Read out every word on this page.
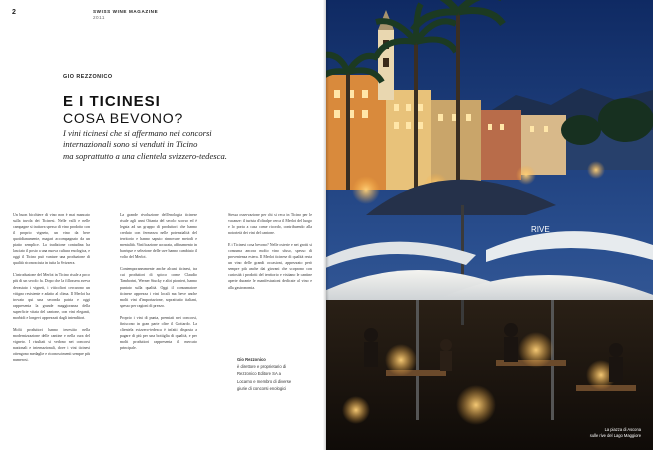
2	SWISS WINE MAGAZINE
2011
GIO REZZONICO
E I TICINESI
COSA BEVONO?
I vini ticinesi che si affermano nei concorsi
internazionali sono si venduti in Ticino
ma soprattutto a una clientela svizzero-tedesca.

Un buon bicchiere di vino non è mai mancato sulla tavola dei Ticinesi. Nelle valli e nelle campagne si trattava spesso di vino prodotto con il proprio vigneto, un vino da bere quotidianamente, magari accompagnato da un piatto semplice. La tradizione contadina ha lasciato il posto a una nuova cultura enologica, e oggi il Ticino può vantare una produzione di qualità riconosciuta in tutta la Svizzera.

L'introduzione del Merlot in Ticino risale a poco più di un secolo fa. Dopo che la fillossera aveva devastato i vigneti, i viticoltori cercarono un vitigno resistente e adatto al clima. Il Merlot ha trovato qui una seconda patria e oggi rappresenta la grande maggioranza della superficie vitata del cantone, con vini eleganti, morbidi e longevi apprezzati dagli intenditori.

Molti produttori hanno investito nella modernizzazione delle cantine e nella cura del vigneto. I risultati si vedono nei concorsi nazionali e internazionali, dove i vini ticinesi ottengono medaglie e riconoscimenti sempre più numerosi.

La grande rivoluzione dell'enologia ticinese risale agli anni Ottanta del secolo scorso ed è legata ad un gruppo di produttori che hanno creduto con fermezza nelle potenzialità del territorio e hanno saputo rinnovare metodi e mentalità. Vinificazione accurata, affinamento in barrique e selezione delle uve hanno cambiato il volto del Merlot.

Contemporaneamente anche alcuni ticinesi, tra cui produttori di spicco come Claudio Tamborini, Werner Stucky e altri pionieri, hanno puntato sulla qualità. Oggi il consumatore ticinese apprezza i vini locali ma beve anche molti vini d'importazione, soprattutto italiani, spesso per ragioni di prezzo.

Proprio i vini di punta, premiati nei concorsi, finiscono in gran parte oltre il Gottardo. La clientela svizzero-tedesca è infatti disposta a pagare di più per una bottiglia di qualità, e per molti produttori rappresenta il mercato principale.

Stessa osservazione per chi si reca in Ticino per le vacanze: il turista d'oltralpe cerca il Merlot del luogo e lo porta a casa come ricordo, contribuendo alla notorietà dei vini del cantone.

E i Ticinesi cosa bevono? Nelle osterie e nei grotti si consuma ancora molto vino sfuso, spesso di provenienza estera. Il Merlot ticinese di qualità resta un vino delle grandi occasioni, apprezzato però sempre più anche dai giovani che scoprono con curiosità i prodotti del territorio e visitano le cantine aperte durante le manifestazioni dedicate al vino e alla gastronomia.

Gio Rezzonico
è direttore e proprietario di
Rezzonico Editore SA a
Locarno e membro di diverse
giurie di concorsi enologici
RIVE
La piazza di Ascona
sulle rive del Lago Maggiore
